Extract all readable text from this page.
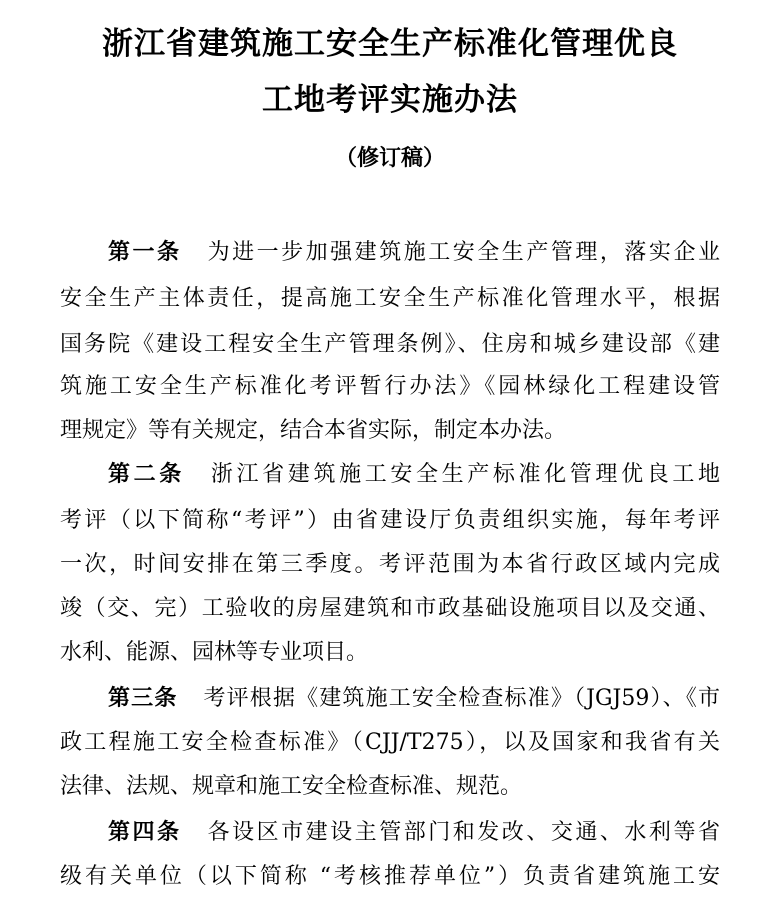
浙江省建筑施工安全生产标准化管理优良
工地考评实施办法
（修订稿）
第一条 为进一步加强建筑施工安全生产管理，落实企业
安全生产主体责任，提高施工安全生产标准化管理水平，根据
国务院《建设工程安全生产管理条例》、住房和城乡建设部《建
筑施工安全生产标准化考评暂行办法》《园林绿化工程建设管
理规定》等有关规定，结合本省实际，制定本办法。
第二条 浙江省建筑施工安全生产标准化管理优良工地
考评（以下简称“考评”）由省建设厅负责组织实施，每年考评
一次，时间安排在第三季度。考评范围为本省行政区域内完成
竣（交、完）工验收的房屋建筑和市政基础设施项目以及交通、
水利、能源、园林等专业项目。
第三条 考评根据《建筑施工安全检查标准》（JGJ59）、《市
政工程施工安全检查标准》（CJJ/T275），以及国家和我省有关
法律、法规、规章和施工安全检查标准、规范。
第四条 各设区市建设主管部门和发改、交通、水利等省
级有关单位（以下简称 “考核推荐单位”）负责省建筑施工安
